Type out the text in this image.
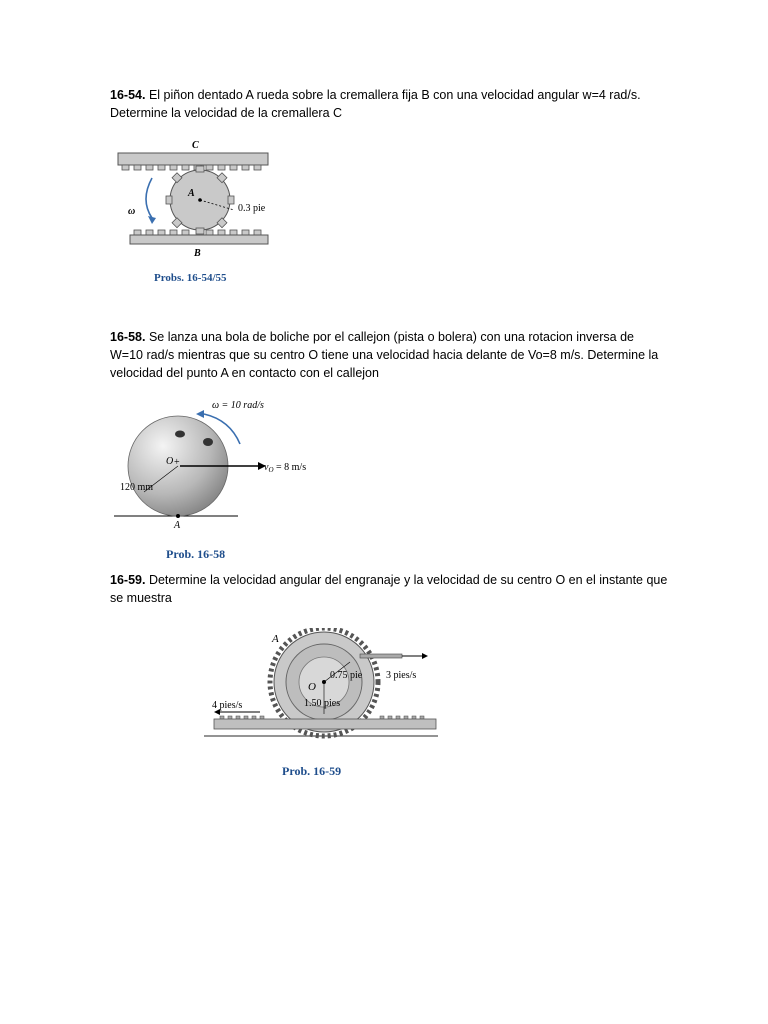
16-54. El piñon dentado A rueda sobre la cremallera fija B con una velocidad angular w=4 rad/s. Determine la velocidad de la cremallera C
C
A
B
ω	0.3 pie
Probs. 16-54/55
16-58. Se lanza una bola de boliche por el callejon (pista o bolera) con una rotacion inversa de W=10 rad/s mientras que su centro O tiene una velocidad hacia delante de Vo=8 m/s. Determine la velocidad del punto A en contacto con el callejon
ω = 10 rad/s
+
O
$v_O = 8$ m/s
120 mm
A
Prob. 16-58
16-59. Determine la velocidad angular del engranaje y la velocidad de su centro O en el instante que se muestra
A
O
0.75 pie
1.50 pies
3 pies/s
4 pies/s
Prob. 16-59
